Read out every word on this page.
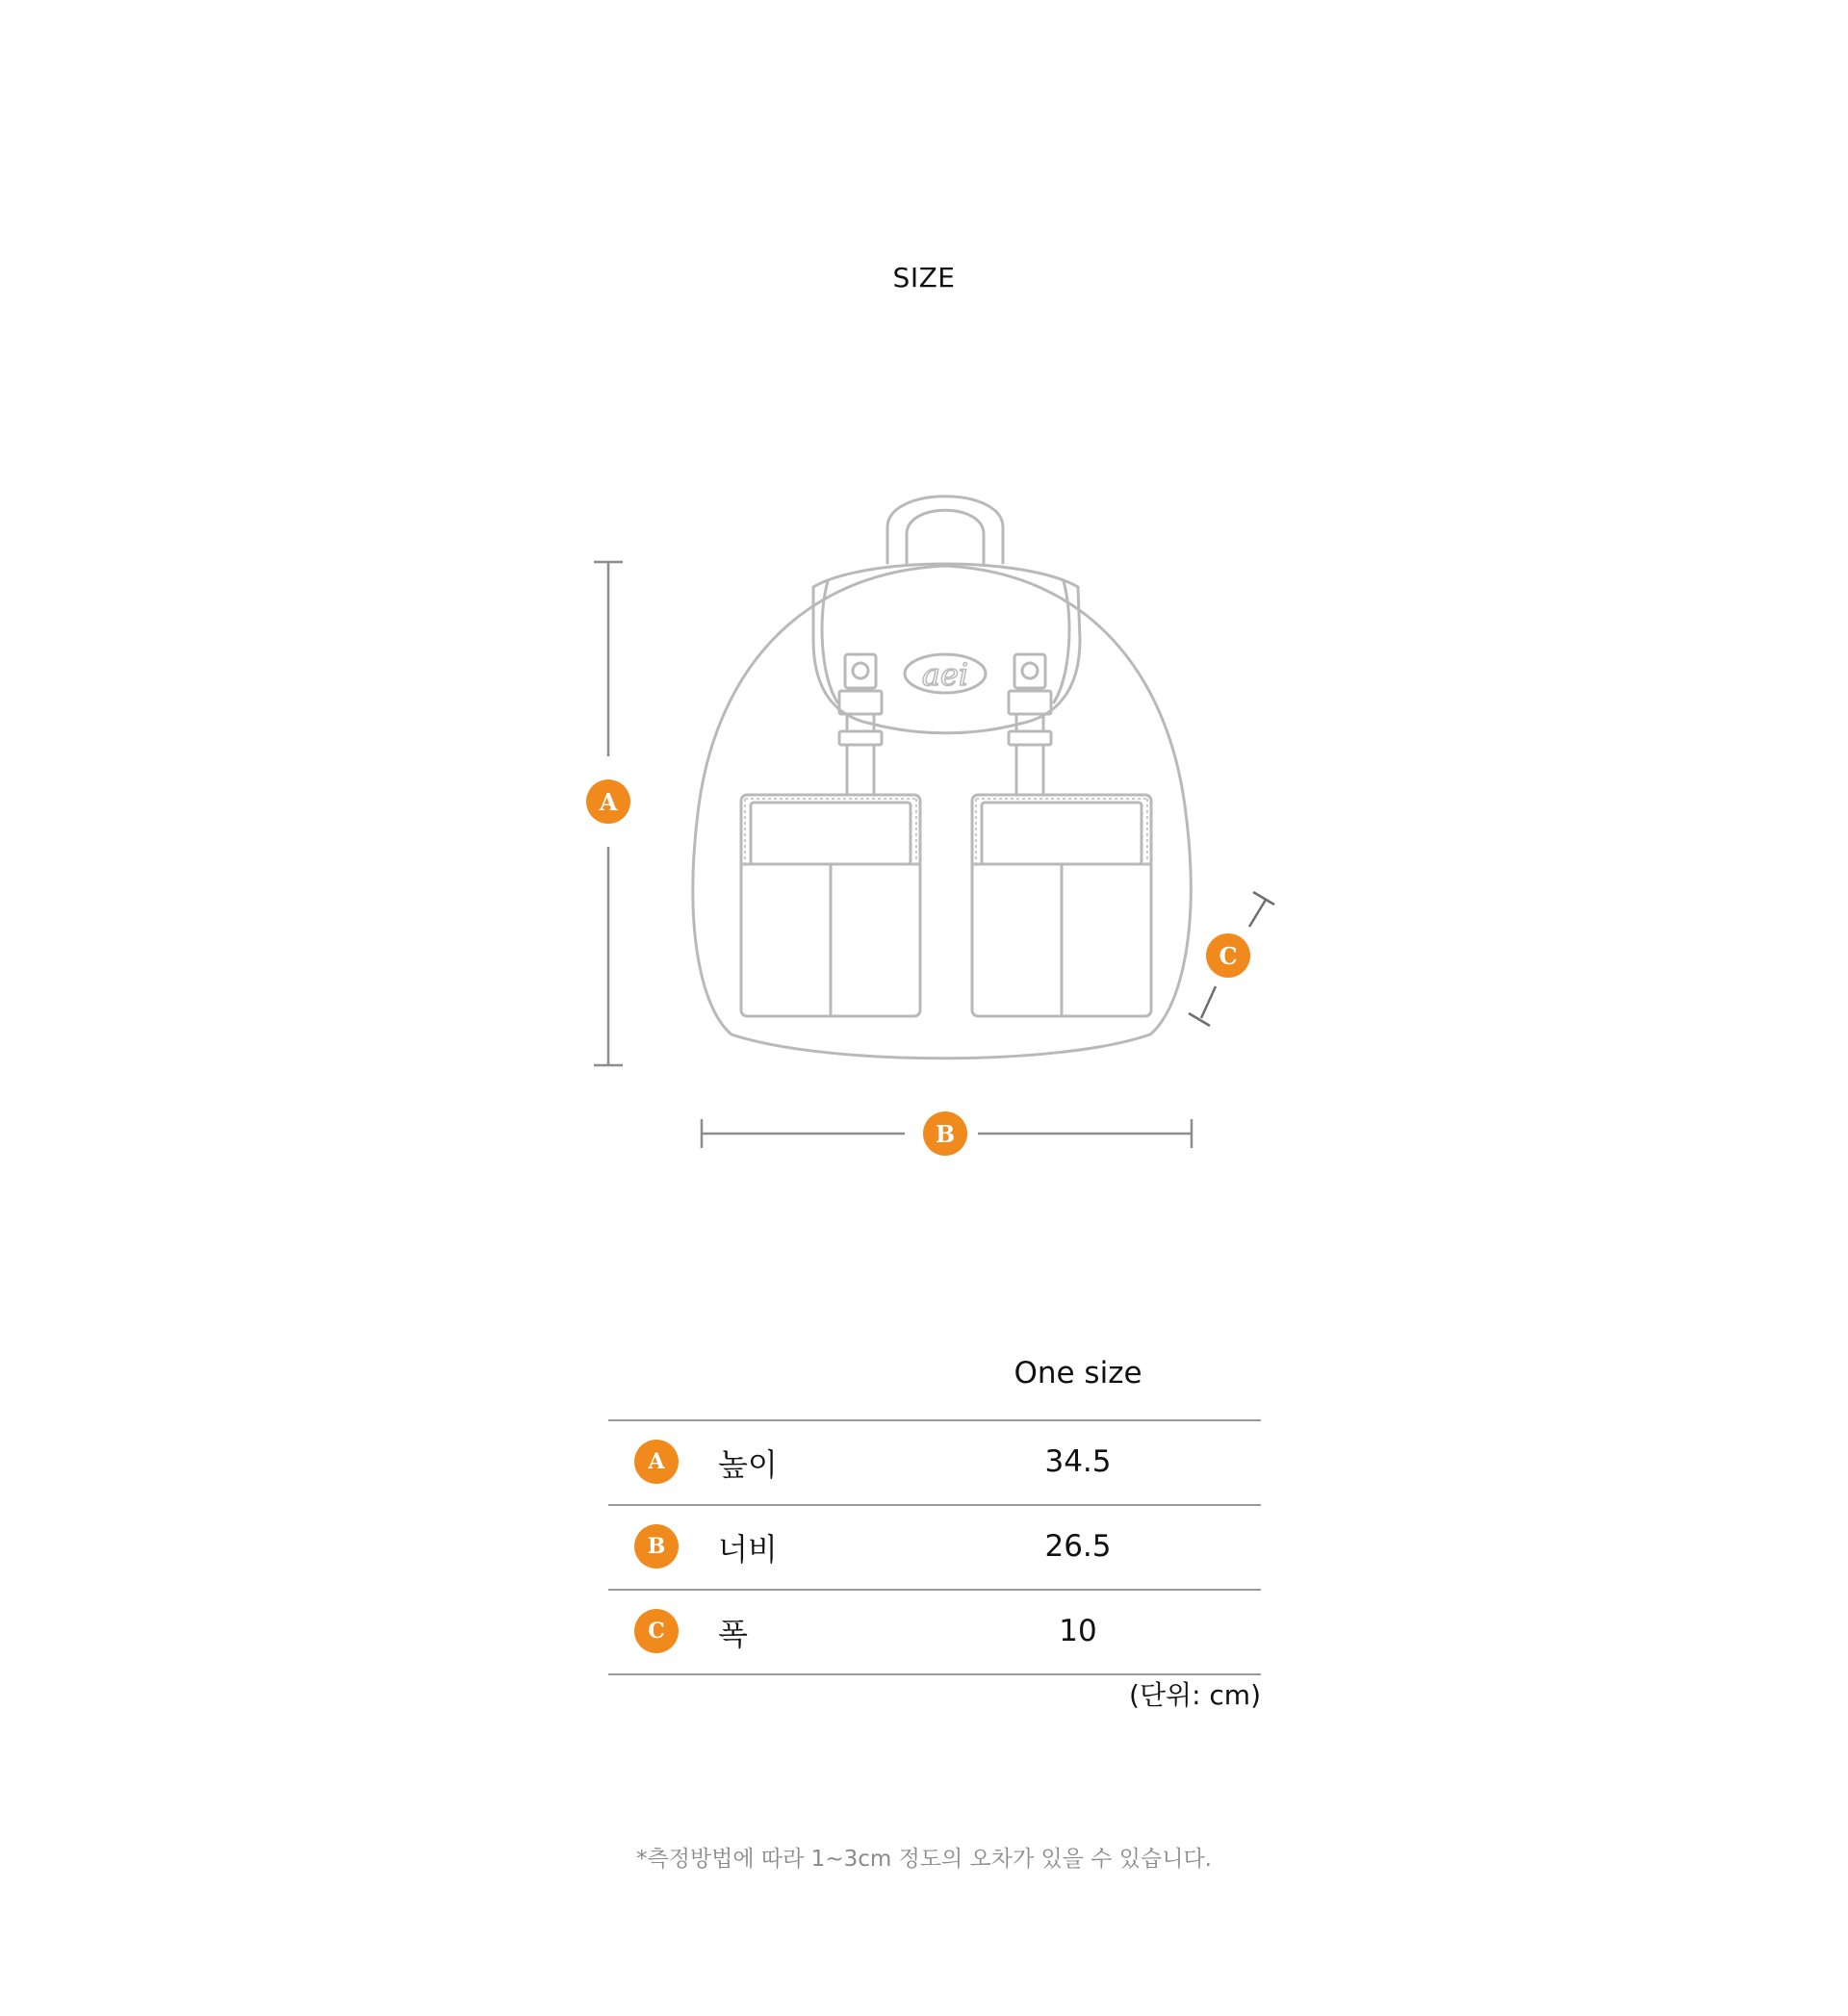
SIZE
aei
A
B
C
One size
A	높이	34.5
B	너비	26.5
C	폭	10
(단위: cm)
*측정방법에 따라 1~3cm 정도의 오차가 있을 수 있습니다.
